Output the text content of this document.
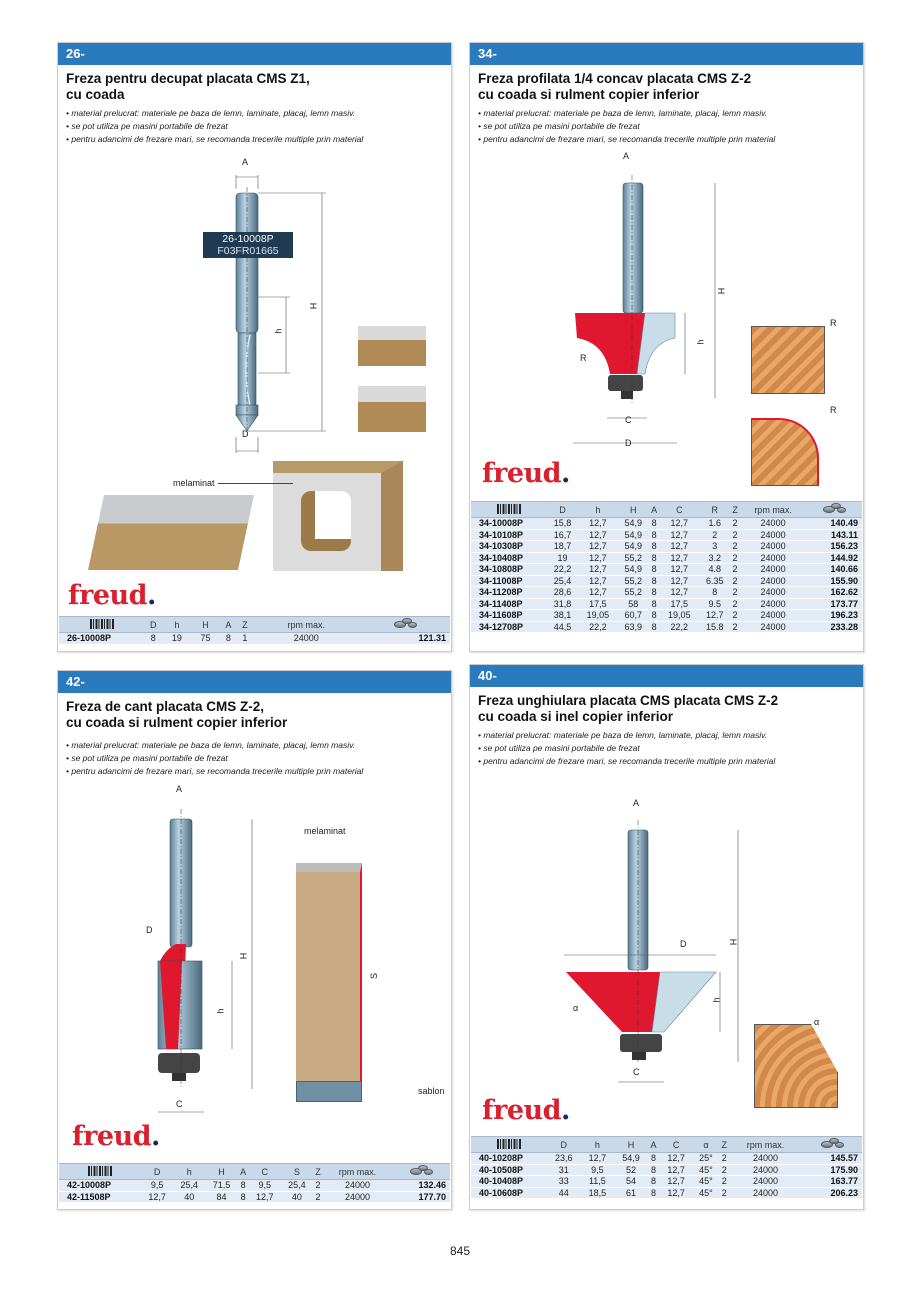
26-
Freza pentru decupat placata CMS Z1,
cu coada
• material prelucrat: materiale pe baza de lemn, laminate, placaj, lemn masiv.
• se pot utiliza pe masini portabile de frezat
• pentru adancimi de frezare mari, se recomanda trecerile multiple prin material
A
H
h
D
26-10008P
F03FR01665
melaminat
freud.
	D	h	H	A		Z	rpm max.	

26-10008P	8	19	75	8		1	24000	121.31
34-
Freza profilata 1/4 concav placata CMS Z-2
cu coada si rulment copier inferior
• material prelucrat: materiale pe baza de lemn, laminate, placaj, lemn masiv.
• se pot utiliza pe masini portabile de frezat
• pentru adancimi de frezare mari, se recomanda trecerile multiple prin material
A
H
h
R
C
D
R
R
freud.
	D	h	H	A	C	R	Z	rpm max.	

34-10008P	15,8	12,7	54,9	8	12,7	1.6	2	24000	140.49
34-10108P	16,7	12,7	54,9	8	12,7	2	2	24000	143.11
34-10308P	18,7	12,7	54,9	8	12,7	3	2	24000	156.23
34-10408P	19	12,7	55,2	8	12,7	3.2	2	24000	144.92
34-10808P	22,2	12,7	54,9	8	12,7	4.8	2	24000	140.66
34-11008P	25,4	12,7	55,2	8	12,7	6.35	2	24000	155.90
34-11208P	28,6	12,7	55,2	8	12,7	8	2	24000	162.62
34-11408P	31,8	17,5	58	8	17,5	9.5	2	24000	173.77
34-11608P	38,1	19,05	60,7	8	19,05	12.7	2	24000	196.23
34-12708P	44,5	22,2	63,9	8	22,2	15.8	2	24000	233.28
42-
Freza de cant placata CMS Z-2,
cu coada si rulment copier inferior
• material prelucrat: materiale pe baza de lemn, laminate, placaj, lemn masiv.
• se pot utiliza pe masini portabile de frezat
• pentru adancimi de frezare mari, se recomanda trecerile multiple prin material
A
D
H
h
C
melaminat
S
sablon
freud.
	D	h	H	A	C	S	Z	rpm max.	

42-10008P	9,5	25,4	71,5	8	9,5	25,4	2	24000	132.46
42-11508P	12,7	40	84	8	12,7	40	2	24000	177.70
40-
Freza unghiulara placata CMS placata CMS Z-2
cu coada si inel copier inferior
• material prelucrat: materiale pe baza de lemn, laminate, placaj, lemn masiv.
• se pot utiliza pe masini portabile de frezat
• pentru adancimi de frezare mari, se recomanda trecerile multiple prin material
A
D	H
h
α
C
α
freud.
	D	h	H	A	C	α	Z	rpm max.	

40-10208P	23,6	12,7	54,9	8	12,7	25°	2	24000	145.57
40-10508P	31	9,5	52	8	12,7	45°	2	24000	175.90
40-10408P	33	11,5	54	8	12,7	45°	2	24000	163.77
40-10608P	44	18,5	61	8	12,7	45°	2	24000	206.23
845
